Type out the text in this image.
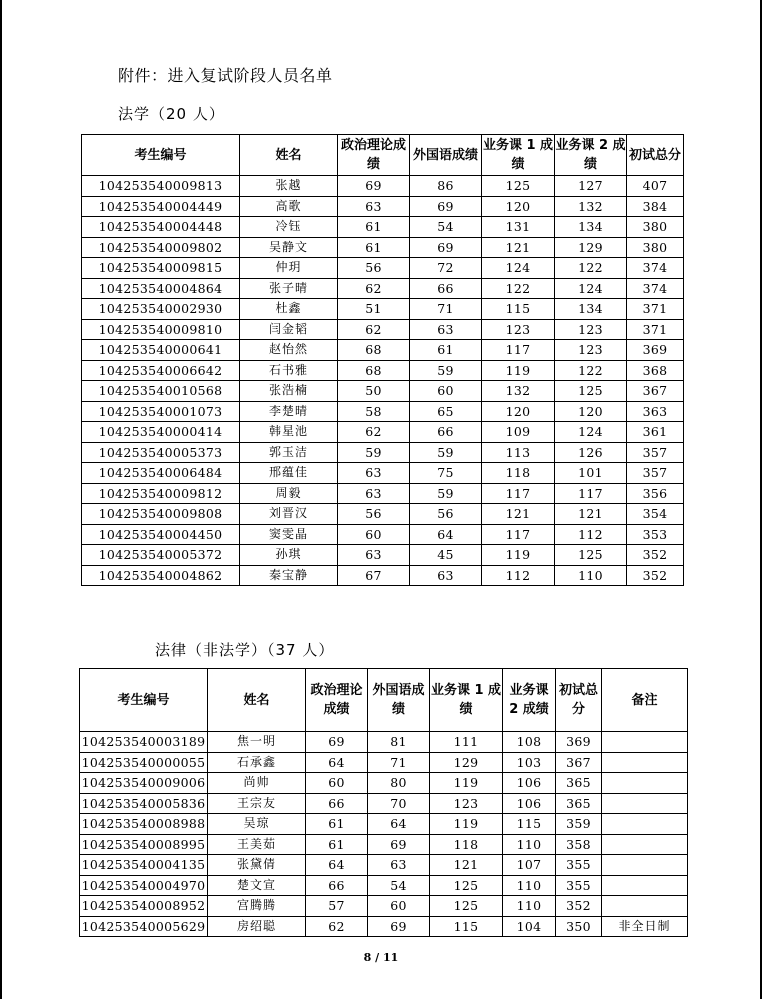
附件：进入复试阶段人员名单
法学（20 人）
考生编号	姓名	政治理论成绩	外国语成绩	业务课 1 成绩	业务课 2 成绩	初试总分
104253540009813	张越	69	86	125	127	407
104253540004449	高歌	63	69	120	132	384
104253540004448	冷钰	61	54	131	134	380
104253540009802	吴静文	61	69	121	129	380
104253540009815	仲玥	56	72	124	122	374
104253540004864	张子晴	62	66	122	124	374
104253540002930	杜鑫	51	71	115	134	371
104253540009810	闫金韬	62	63	123	123	371
104253540000641	赵怡然	68	61	117	123	369
104253540006642	石书雅	68	59	119	122	368
104253540010568	张浩楠	50	60	132	125	367
104253540001073	李楚晴	58	65	120	120	363
104253540000414	韩星池	62	66	109	124	361
104253540005373	郭玉洁	59	59	113	126	357
104253540006484	邢蕴佳	63	75	118	101	357
104253540009812	周毅	63	59	117	117	356
104253540009808	刘晋汉	56	56	121	121	354
104253540004450	窦雯晶	60	64	117	112	353
104253540005372	孙琪	63	45	119	125	352
104253540004862	秦宝静	67	63	112	110	352
法律（非法学）（37 人）
考生编号	姓名	政治理论成绩	外国语成绩	业务课 1 成绩	业务课 2 成绩	初试总分	备注
104253540003189	焦一明	69	81	111	108	369	
104253540000055	石承鑫	64	71	129	103	367	
104253540009006	尚帅	60	80	119	106	365	
104253540005836	王宗友	66	70	123	106	365	
104253540008988	吴琼	61	64	119	115	359	
104253540008995	王美茹	61	69	118	110	358	
104253540004135	张黛倩	64	63	121	107	355	
104253540004970	楚文宣	66	54	125	110	355	
104253540008952	宫腾腾	57	60	125	110	352	
104253540005629	房绍聪	62	69	115	104	350	非全日制
8 / 11
